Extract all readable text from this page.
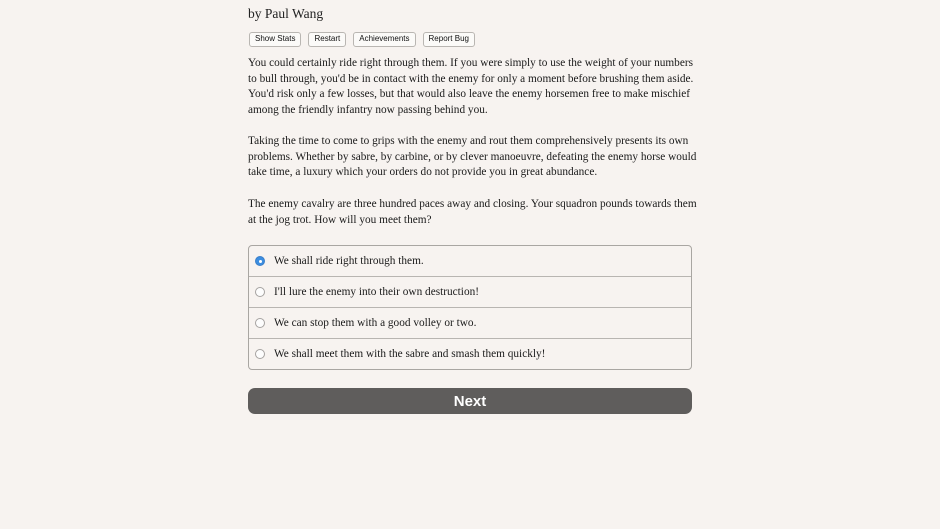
by Paul Wang
Show Stats	Restart	Achievements	Report Bug

You could certainly ride right through them. If you were simply to use the weight of your numbers to bull through, you'd be in contact with the enemy for only a moment before brushing them aside. You'd risk only a few losses, but that would also leave the enemy horsemen free to make mischief among the friendly infantry now passing behind you.

Taking the time to come to grips with the enemy and rout them comprehensively presents its own problems. Whether by sabre, by carbine, or by clever manoeuvre, defeating the enemy horse would take time, a luxury which your orders do not provide you in great abundance.

The enemy cavalry are three hundred paces away and closing. Your squadron pounds towards them at the jog trot. How will you meet them?

We shall ride right through them.
I'll lure the enemy into their own destruction!
We can stop them with a good volley or two.
We shall meet them with the sabre and smash them quickly!
Next
